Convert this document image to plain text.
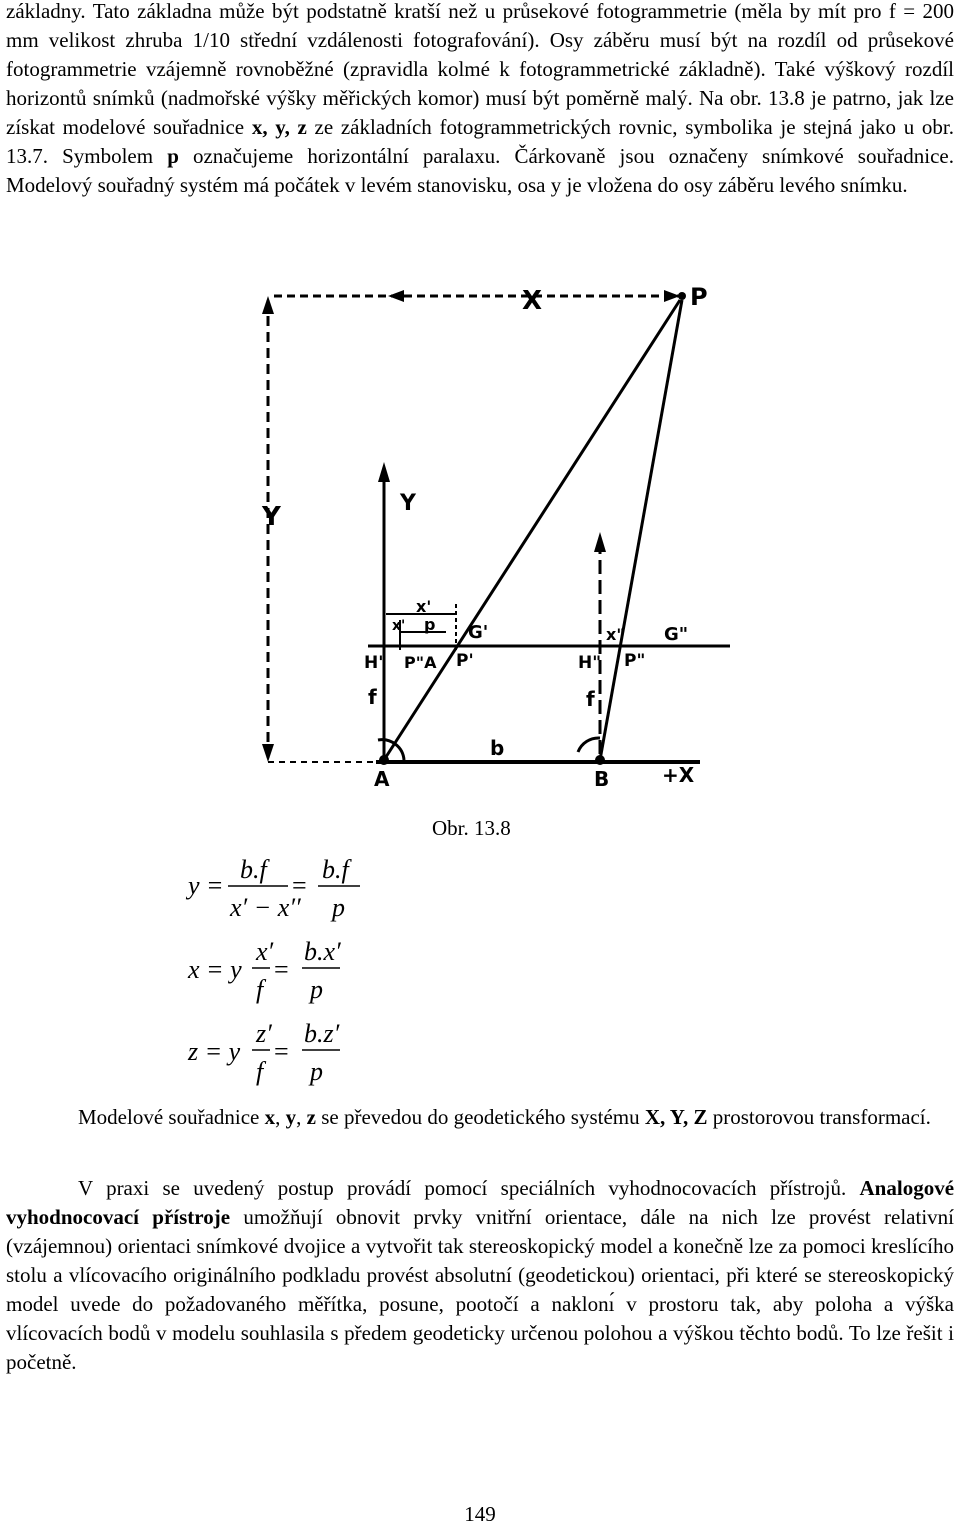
základny. Tato základna může být podstatně kratší než u průsekové fotogrammetrie (měla by mít pro f = 200 mm velikost zhruba 1/10 střední vzdálenosti fotografování). Osy záběru musí být na rozdíl od průsekové fotogrammetrie vzájemně rovnoběžné (zpravidla kolmé k fotogrammetrické základně). Také výškový rozdíl horizontů snímků (nadmořské výšky měřických komor) musí být poměrně malý. Na obr. 13.8 je patrno, jak lze získat modelové souřadnice x, y, z ze základních fotogrammetrických rovnic, symbolika je stejná jako u obr. 13.7. Symbolem p označujeme horizontální paralaxu. Čárkovaně jsou označeny snímkové souřadnice. Modelový souřadný systém má počátek v levém stanovisku, osa y je vložena do osy záběru levého snímku.

X	P
Y	Y
x'
x' p G'	G"
x"
H' P"A P'	H" P"
f	f
b
A	B	+X

Obr. 13.8

y =
b.f
x′ − x′′
=
b.f
p
x = y
x′
f
=
b.x′
p
z = y
z′
f
=
b.z′
p

Modelové souřadnice x, y, z se převedou do geodetického systému X, Y, Z prostorovou transformací.

V praxi se uvedený postup provádí pomocí speciálních vyhodnocovacích přístrojů. Analogové vyhodnocovací přístroje umožňují obnovit prvky vnitřní orientace, dále na nich lze provést relativní (vzájemnou) orientaci snímkové dvojice a vytvořit tak stereoskopický model a konečně lze za pomoci kreslícího stolu a vlícovacího originálního podkladu provést absolutní (geodetickou) orientaci, při které se stereoskopický model uvede do požadovaného měřítka, posune, pootočí a naklonı́ v prostoru tak, aby poloha a výška vlícovacích bodů v modelu souhlasila s předem geodeticky určenou polohou a výškou těchto bodů. To lze řešit i početně.

149
